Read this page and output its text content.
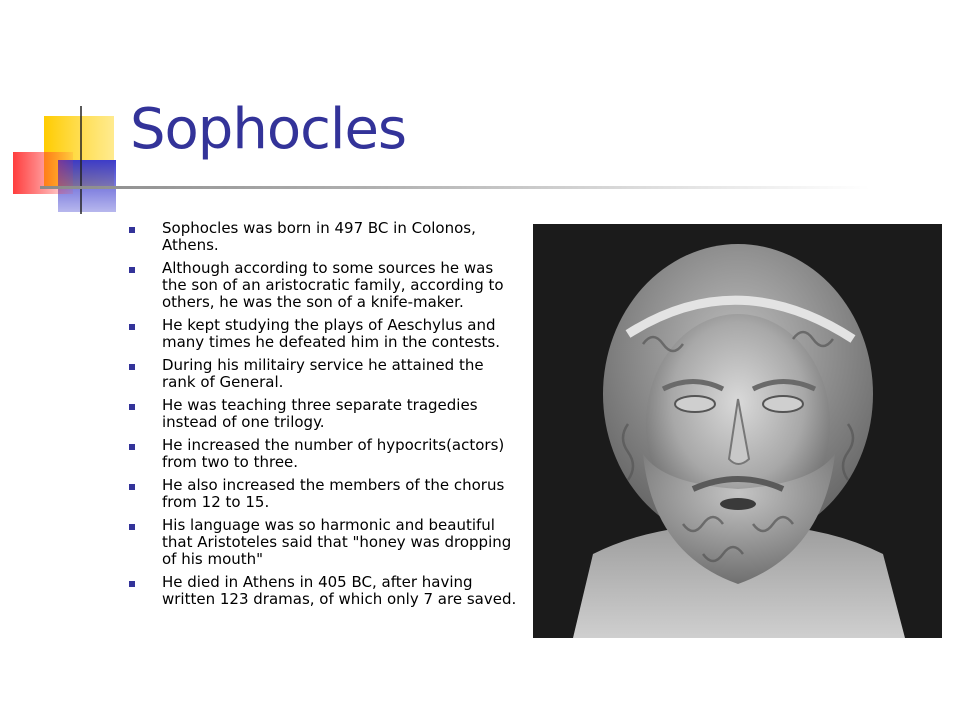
Sophocles
Sophocles was born in 497 BC in Colonos, Athens.
Although according to some sources he was the son of an aristocratic family, according to others, he was the son of a knife-maker.
He kept studying the plays of Aeschylus and many times he defeated him in the contests.
During his militairy service he attained the rank of General.
He was teaching three separate tragedies instead of one trilogy.
He increased the number of hypocrits(actors) from two to three.
He also increased the members of the chorus from 12 to 15.
His language was so harmonic and beautiful that Aristoteles said that "honey was dropping of his mouth"
He died in Athens in 405 BC, after having written 123 dramas, of which only 7 are saved.
